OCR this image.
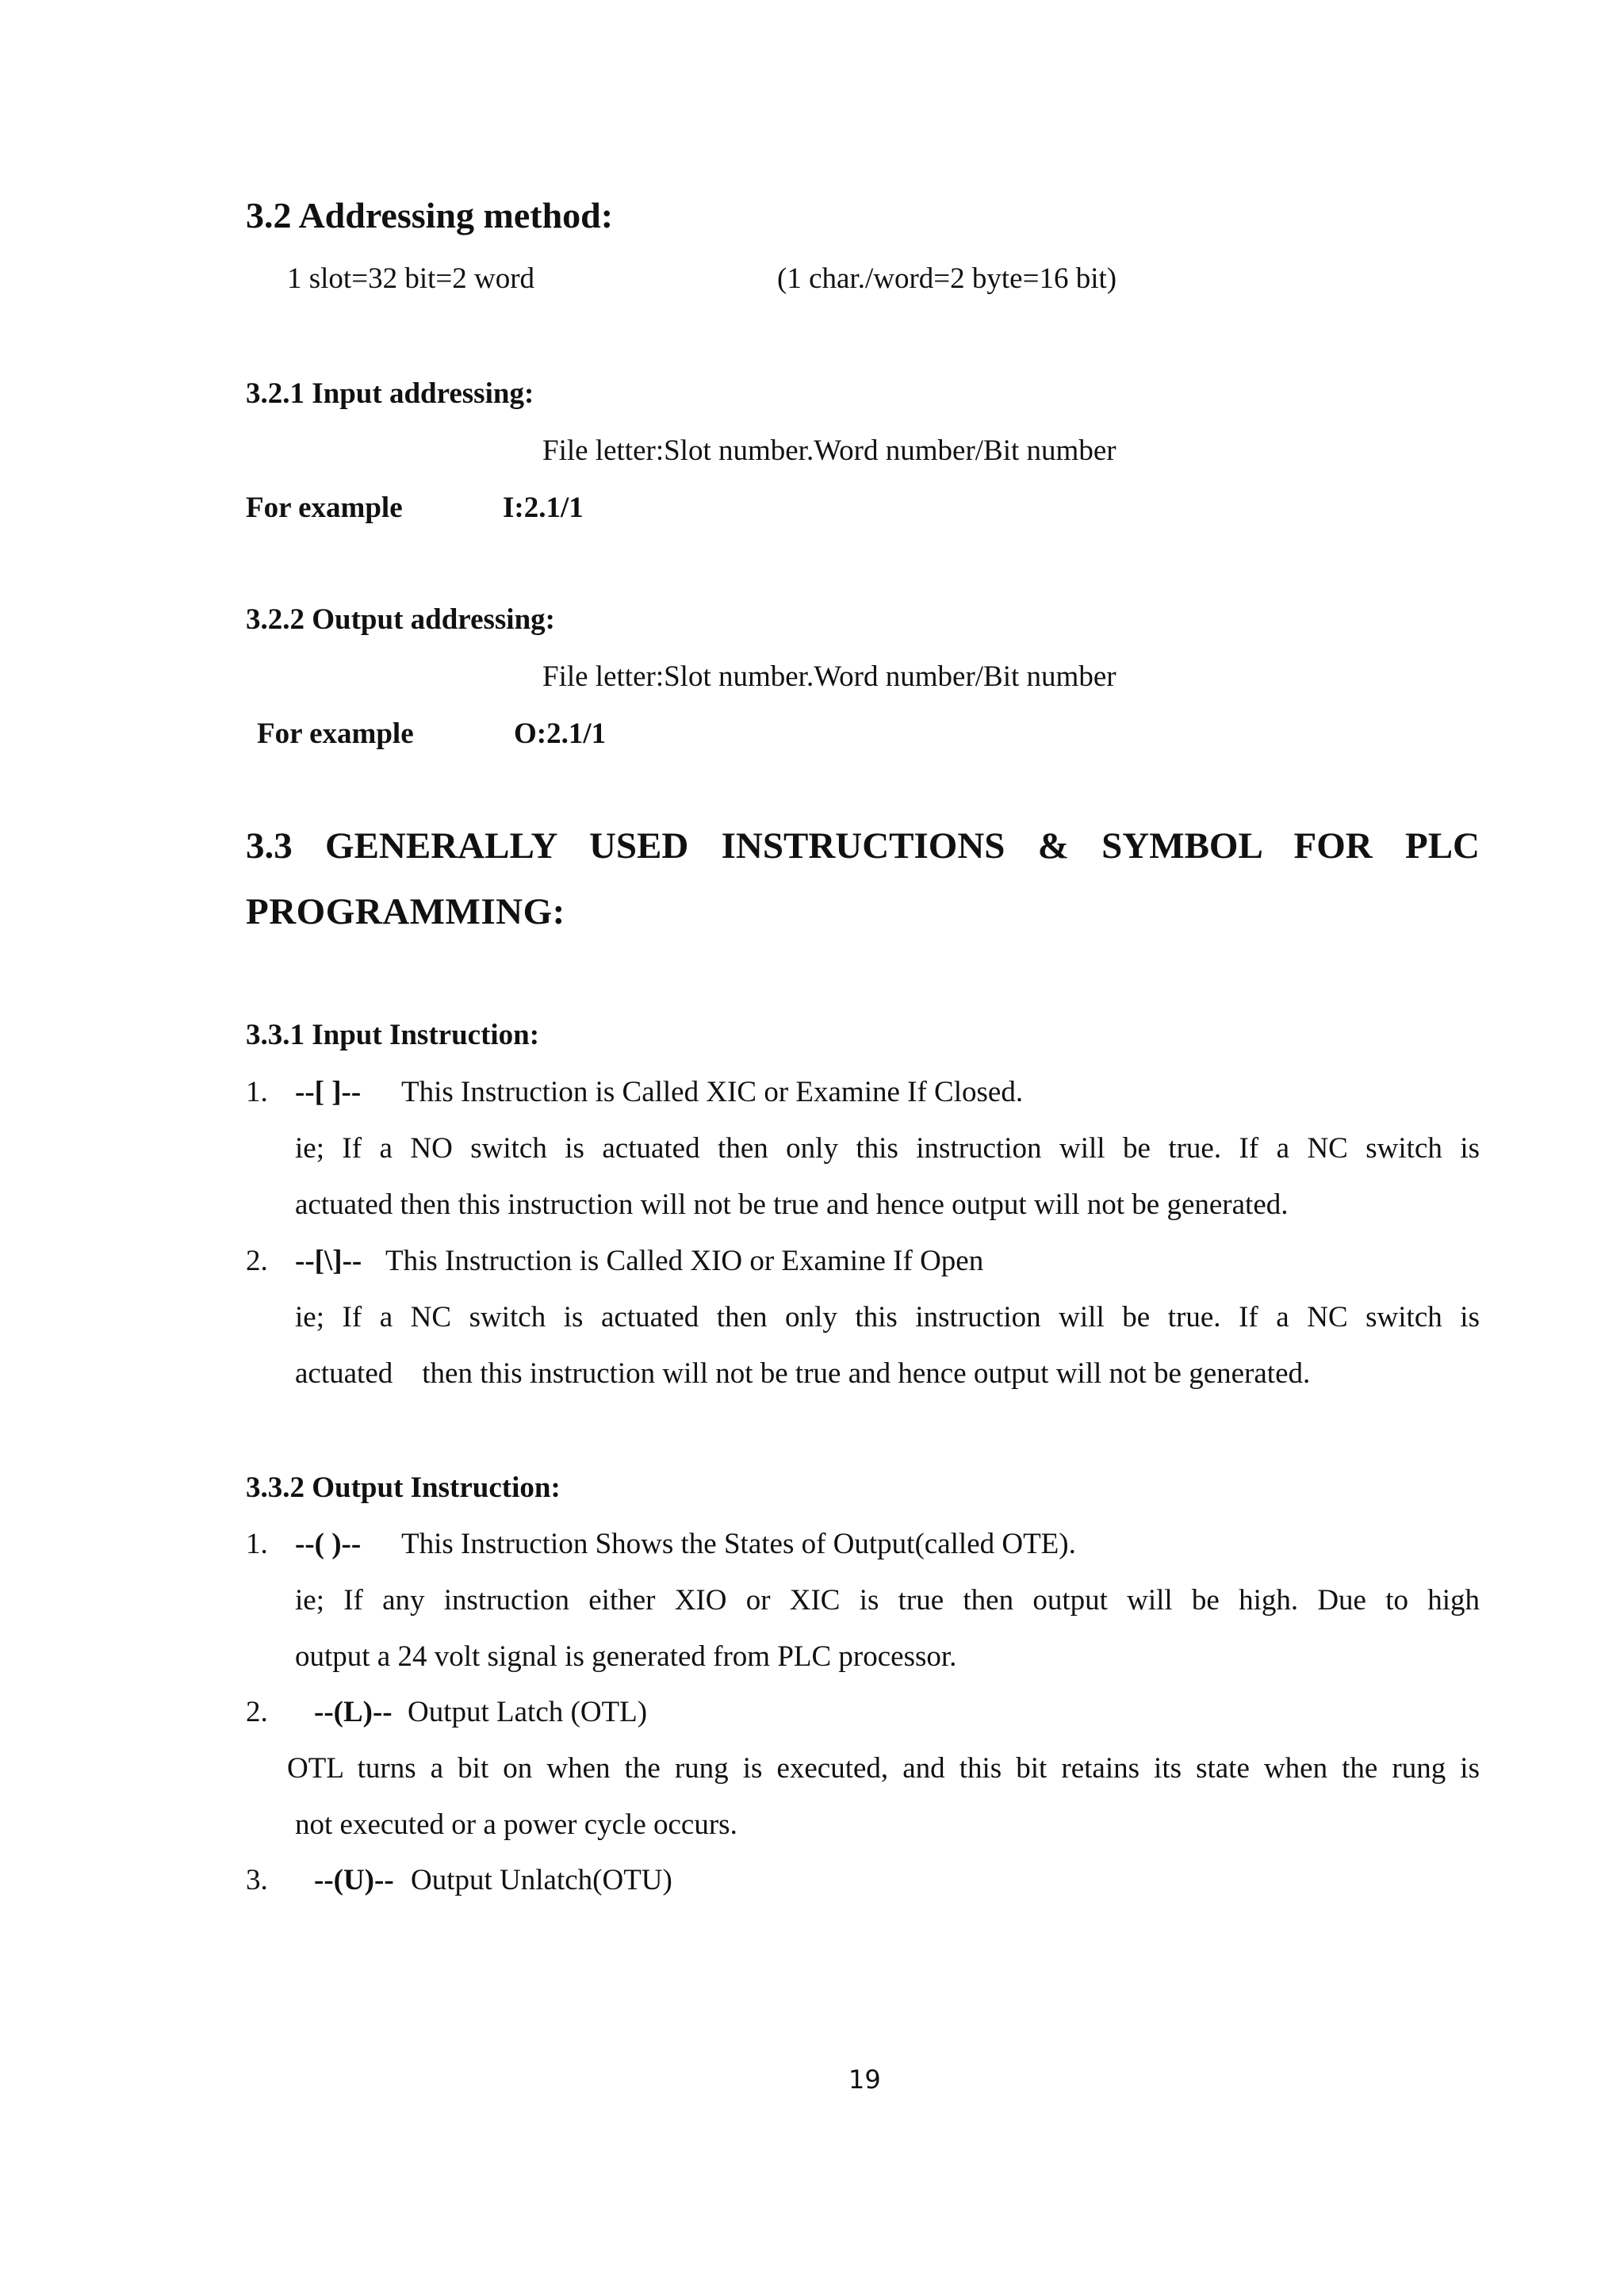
3.2 Addressing method:
1 slot=32 bit=2 word	(1 char./word=2 byte=16 bit)
3.2.1 Input addressing:
File letter:Slot number.Word number/Bit number
For example	I:2.1/1
3.2.2 Output addressing:
File letter:Slot number.Word number/Bit number
For example	O:2.1/1
3.3 GENERALLY USED INSTRUCTIONS & SYMBOL FOR PLC
PROGRAMMING:
3.3.1 Input Instruction:
1. --[ ]-- This Instruction is Called XIC or Examine If Closed.
ie; If a NO switch is actuated then only this instruction will be true. If a NC switch is
actuated then this instruction will not be true and hence output will not be generated.
2. --[\]-- This Instruction is Called XIO or Examine If Open
ie; If a NC switch is actuated then only this instruction will be true. If a NC switch is
actuated    then this instruction will not be true and hence output will not be generated.
3.3.2 Output Instruction:
1. --( )-- This Instruction Shows the States of Output(called OTE).
ie; If any instruction either XIO or XIC is true then output will be high. Due to high
output a 24 volt signal is generated from PLC processor.
2. --(L)-- Output Latch (OTL)
OTL turns a bit on when the rung is executed, and this bit retains its state when the rung is
not executed or a power cycle occurs.
3. --(U)-- Output Unlatch(OTU)
19
